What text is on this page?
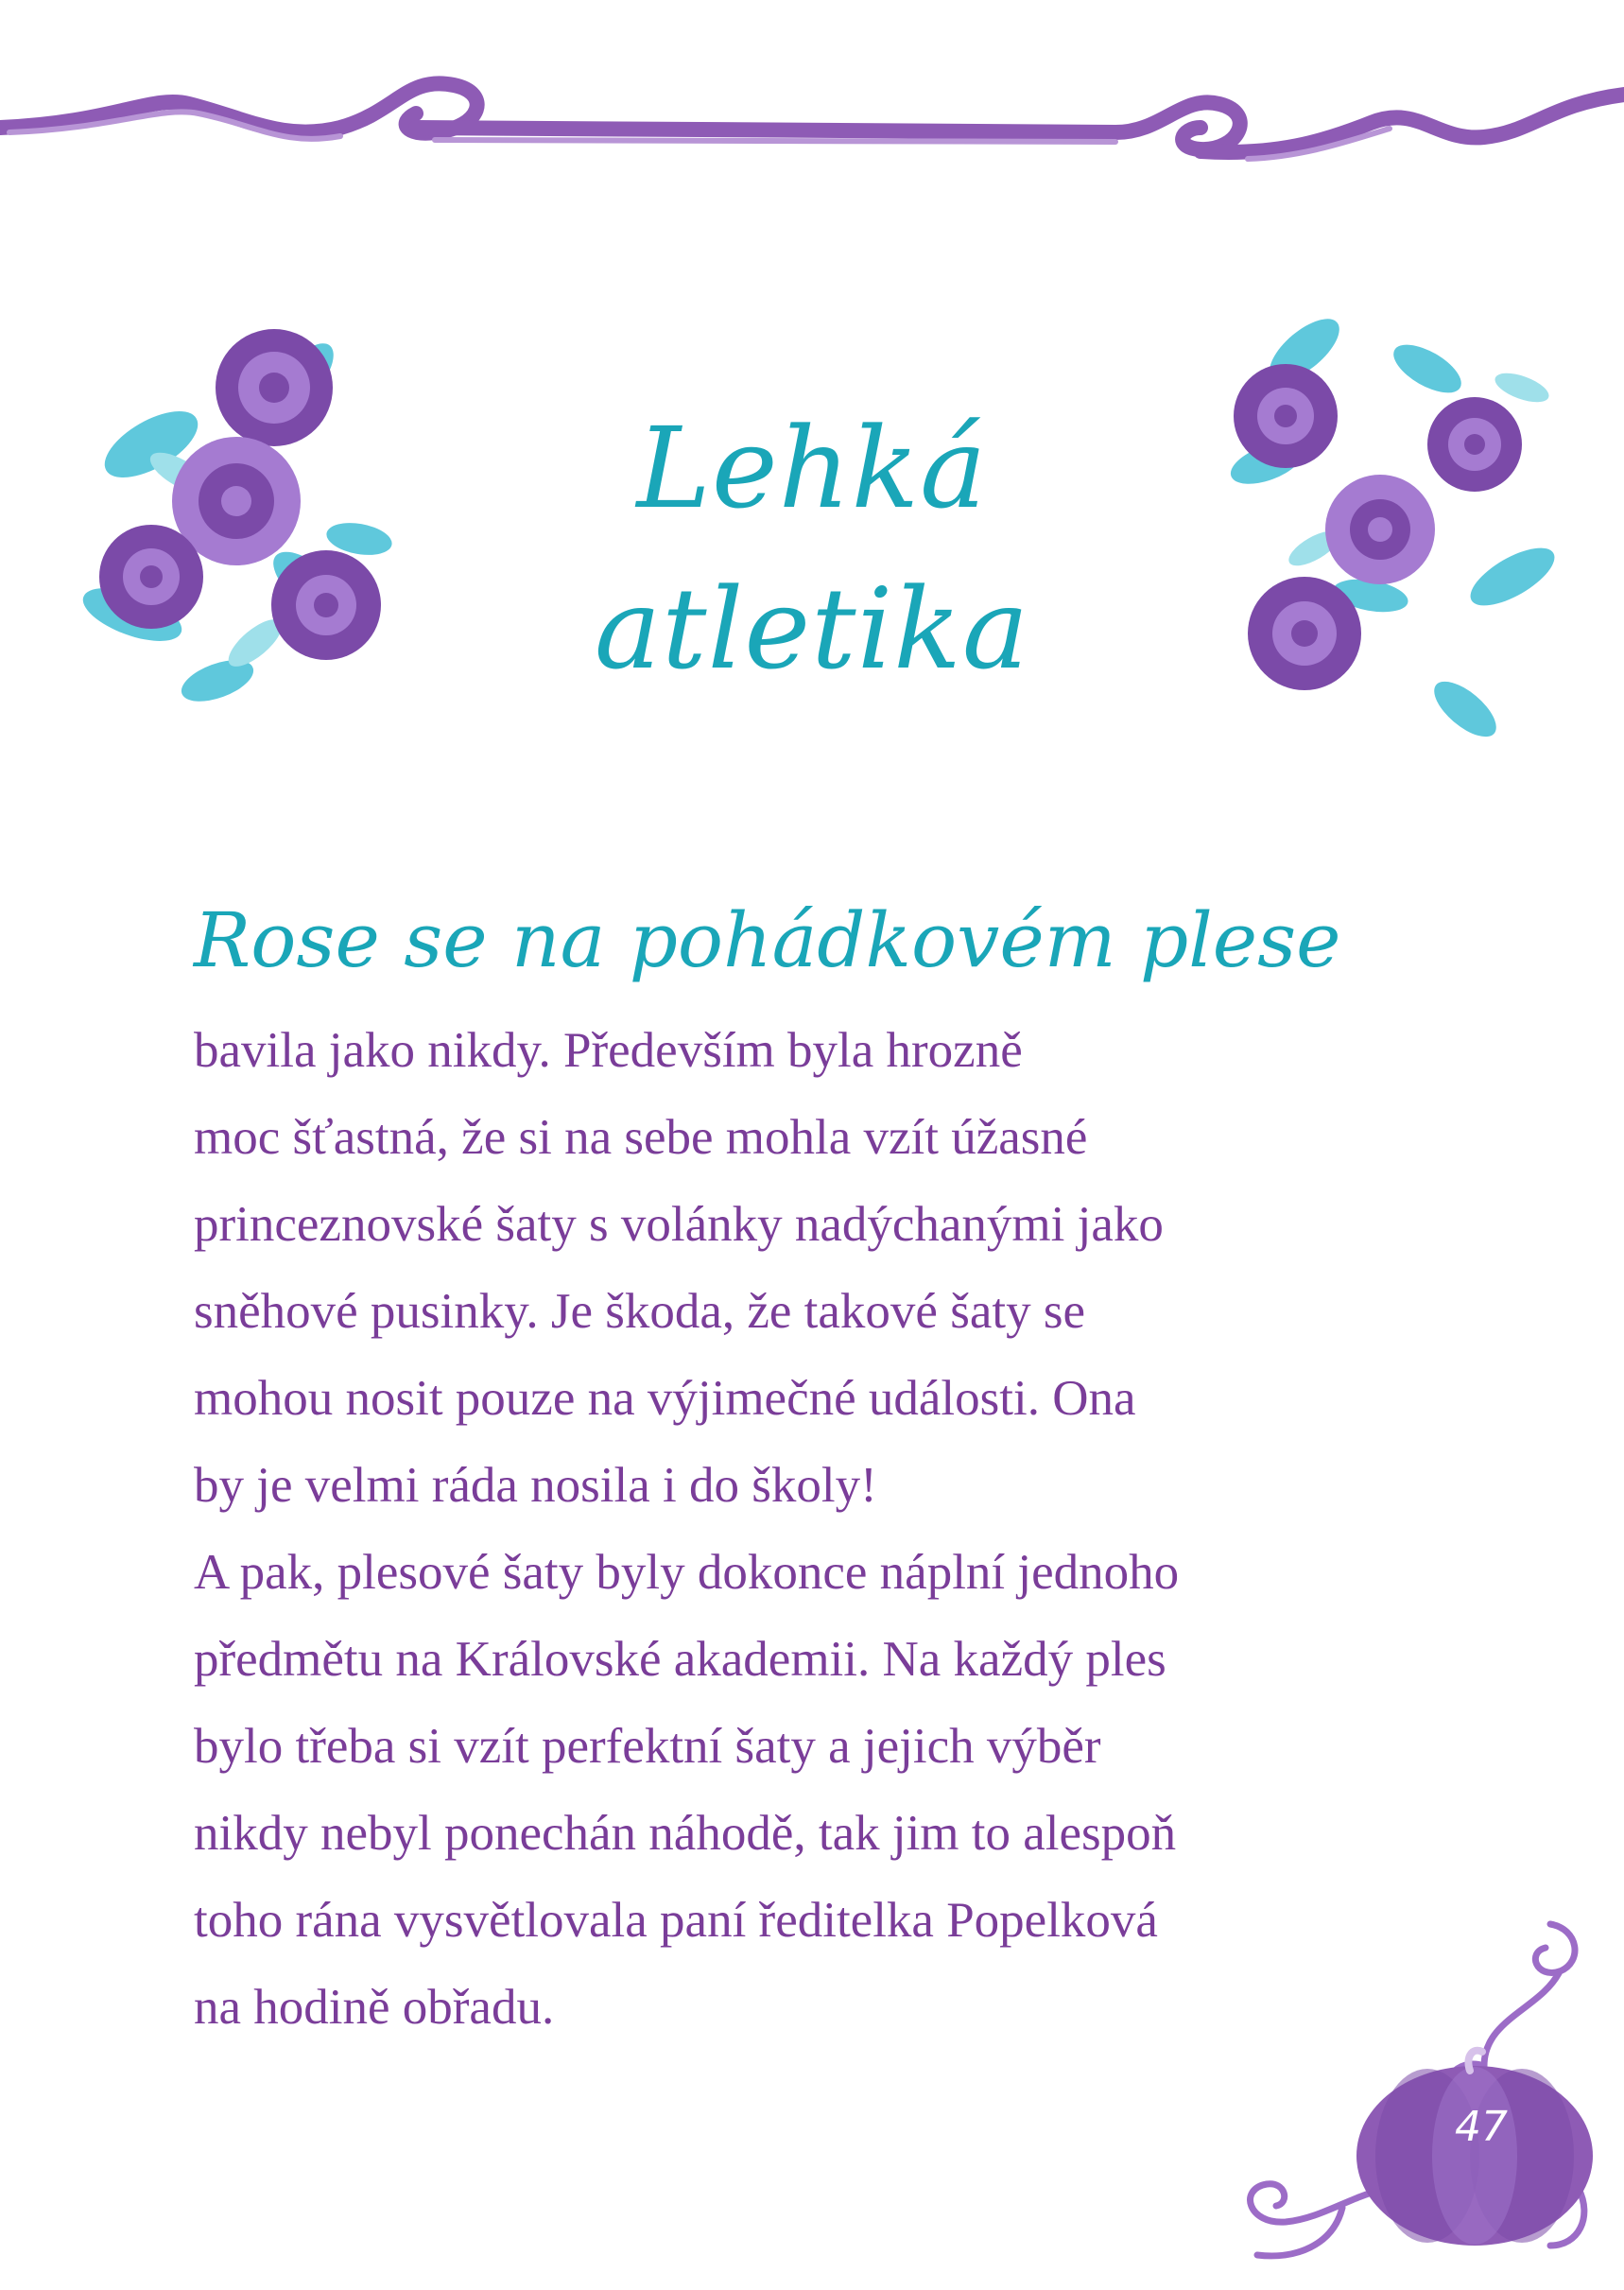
Lehká
atletika
Rose se na pohádkovém plese
bavila jako nikdy. Především byla hrozně
moc šťastná, že si na sebe mohla vzít úžasné
princeznovské šaty s volánky nadýchanými jako
sněhové pusinky. Je škoda, že takové šaty se
mohou nosit pouze na výjimečné události. Ona
by je velmi ráda nosila i do školy!
A pak, plesové šaty byly dokonce náplní jednoho
předmětu na Královské akademii. Na každý ples
bylo třeba si vzít perfektní šaty a jejich výběr
nikdy nebyl ponechán náhodě, tak jim to alespoň
toho rána vysvětlovala paní ředitelka Popelková
na hodině obřadu.
47
